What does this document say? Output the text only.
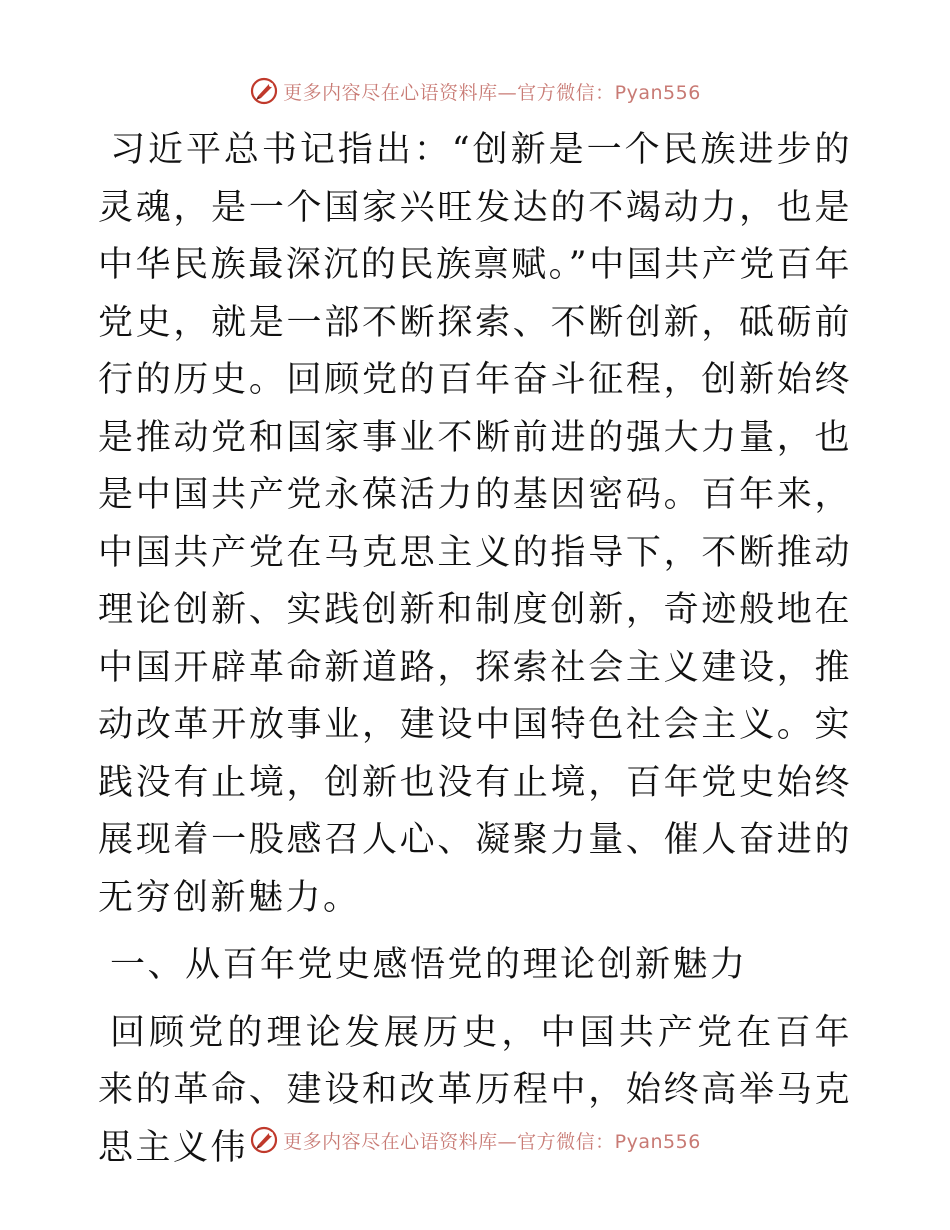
更多内容尽在心语资料库—官方微信：Pyan556

习近平总书记指出：“创新是一个民族进步的灵魂，是一个国家兴旺发达的不竭动力，也是中华民族最深沉的民族禀赋。”中国共产党百年党史，就是一部不断探索、不断创新，砥砺前行的历史。回顾党的百年奋斗征程，创新始终是推动党和国家事业不断前进的强大力量，也是中国共产党永葆活力的基因密码。百年来，中国共产党在马克思主义的指导下，不断推动理论创新、实践创新和制度创新，奇迹般地在中国开辟革命新道路，探索社会主义建设，推动改革开放事业，建设中国特色社会主义。实践没有止境，创新也没有止境，百年党史始终展现着一股感召人心、凝聚力量、催人奋进的无穷创新魅力。

一、从百年党史感悟党的理论创新魅力

回顾党的理论发展历史，中国共产党在百年来的革命、建设和改革历程中，始终高举马克思主义伟	更多内容尽在心语资料库—官方微信：Pyan556
